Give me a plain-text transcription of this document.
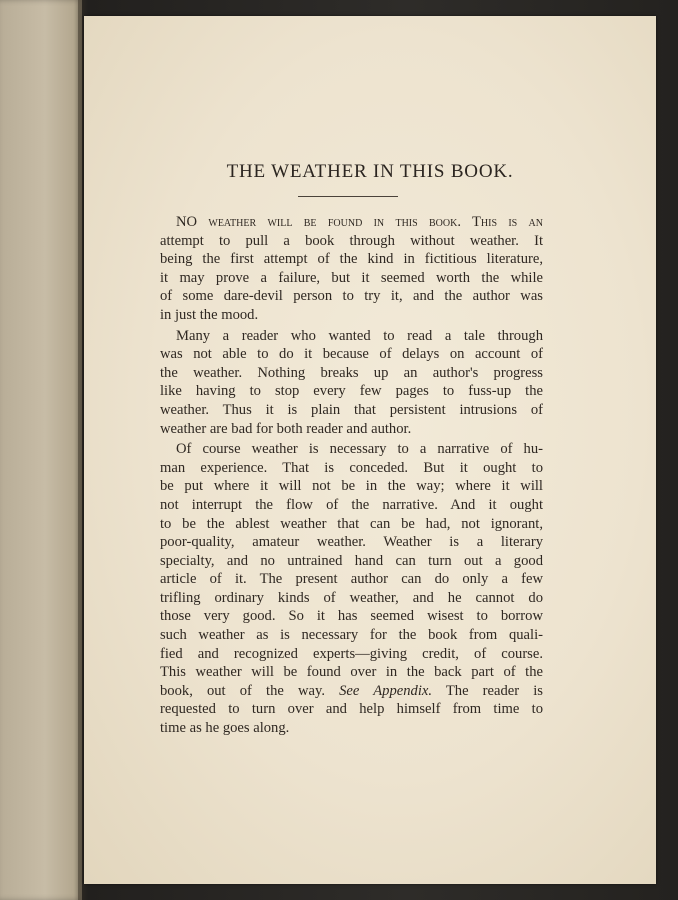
THE WEATHER IN THIS BOOK.
NO weather will be found in this book. This is an
attempt to pull a book through without weather. It
being the first attempt of the kind in fictitious literature,
it may prove a failure, but it seemed worth the while
of some dare-devil person to try it, and the author was
in just the mood.
Many a reader who wanted to read a tale through
was not able to do it because of delays on account of
the weather. Nothing breaks up an author's progress
like having to stop every few pages to fuss-up the
weather. Thus it is plain that persistent intrusions of
weather are bad for both reader and author.
Of course weather is necessary to a narrative of hu-
man experience. That is conceded. But it ought to
be put where it will not be in the way; where it will
not interrupt the flow of the narrative. And it ought
to be the ablest weather that can be had, not ignorant,
poor-quality, amateur weather. Weather is a literary
specialty, and no untrained hand can turn out a good
article of it. The present author can do only a few
trifling ordinary kinds of weather, and he cannot do
those very good. So it has seemed wisest to borrow
such weather as is necessary for the book from quali-
fied and recognized experts—giving credit, of course.
This weather will be found over in the back part of the
book, out of the way. See Appendix. The reader is
requested to turn over and help himself from time to
time as he goes along.
